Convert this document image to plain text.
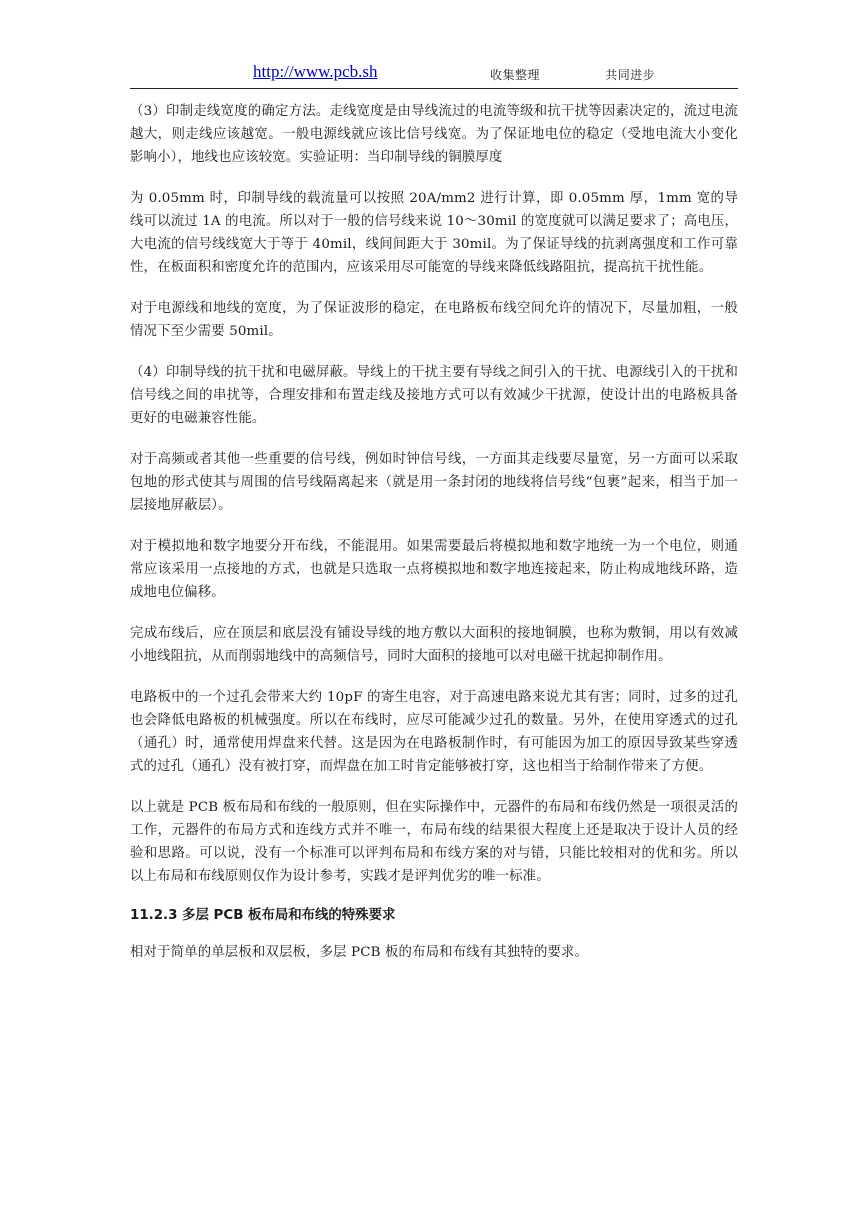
http://www.pcb.sh	收集整理    共同进步

（3）印制走线宽度的确定方法。走线宽度是由导线流过的电流等级和抗干扰等因素决定的，流过电流越大，则走线应该越宽。一般电源线就应该比信号线宽。为了保证地电位的稳定（受地电流大小变化影响小），地线也应该较宽。实验证明：当印制导线的铜膜厚度

为 0.05mm 时，印制导线的载流量可以按照 20A/mm2 进行计算，即 0.05mm 厚，1mm 宽的导线可以流过 1A 的电流。所以对于一般的信号线来说 10～30mil 的宽度就可以满足要求了；高电压，大电流的信号线线宽大于等于 40mil，线间间距大于 30mil。为了保证导线的抗剥离强度和工作可靠性，在板面积和密度允许的范围内，应该采用尽可能宽的导线来降低线路阻抗，提高抗干扰性能。

对于电源线和地线的宽度，为了保证波形的稳定，在电路板布线空间允许的情况下，尽量加粗，一般情况下至少需要 50mil。

（4）印制导线的抗干扰和电磁屏蔽。导线上的干扰主要有导线之间引入的干扰、电源线引入的干扰和信号线之间的串扰等，合理安排和布置走线及接地方式可以有效减少干扰源，使设计出的电路板具备更好的电磁兼容性能。

对于高频或者其他一些重要的信号线，例如时钟信号线，一方面其走线要尽量宽，另一方面可以采取包地的形式使其与周围的信号线隔离起来（就是用一条封闭的地线将信号线“包裹”起来，相当于加一层接地屏蔽层）。

对于模拟地和数字地要分开布线，不能混用。如果需要最后将模拟地和数字地统一为一个电位，则通常应该采用一点接地的方式，也就是只选取一点将模拟地和数字地连接起来，防止构成地线环路，造成地电位偏移。

完成布线后，应在顶层和底层没有铺设导线的地方敷以大面积的接地铜膜，也称为敷铜，用以有效减小地线阻抗，从而削弱地线中的高频信号，同时大面积的接地可以对电磁干扰起抑制作用。

电路板中的一个过孔会带来大约 10pF 的寄生电容，对于高速电路来说尤其有害；同时，过多的过孔也会降低电路板的机械强度。所以在布线时，应尽可能减少过孔的数量。另外，在使用穿透式的过孔（通孔）时，通常使用焊盘来代替。这是因为在电路板制作时，有可能因为加工的原因导致某些穿透式的过孔（通孔）没有被打穿，而焊盘在加工时肯定能够被打穿，这也相当于给制作带来了方便。

以上就是 PCB 板布局和布线的一般原则，但在实际操作中，元器件的布局和布线仍然是一项很灵活的工作，元器件的布局方式和连线方式并不唯一，布局布线的结果很大程度上还是取决于设计人员的经验和思路。可以说，没有一个标准可以评判布局和布线方案的对与错，只能比较相对的优和劣。所以以上布局和布线原则仅作为设计参考，实践才是评判优劣的唯一标准。

11.2.3 多层 PCB 板布局和布线的特殊要求

相对于简单的单层板和双层板，多层 PCB 板的布局和布线有其独特的要求。
